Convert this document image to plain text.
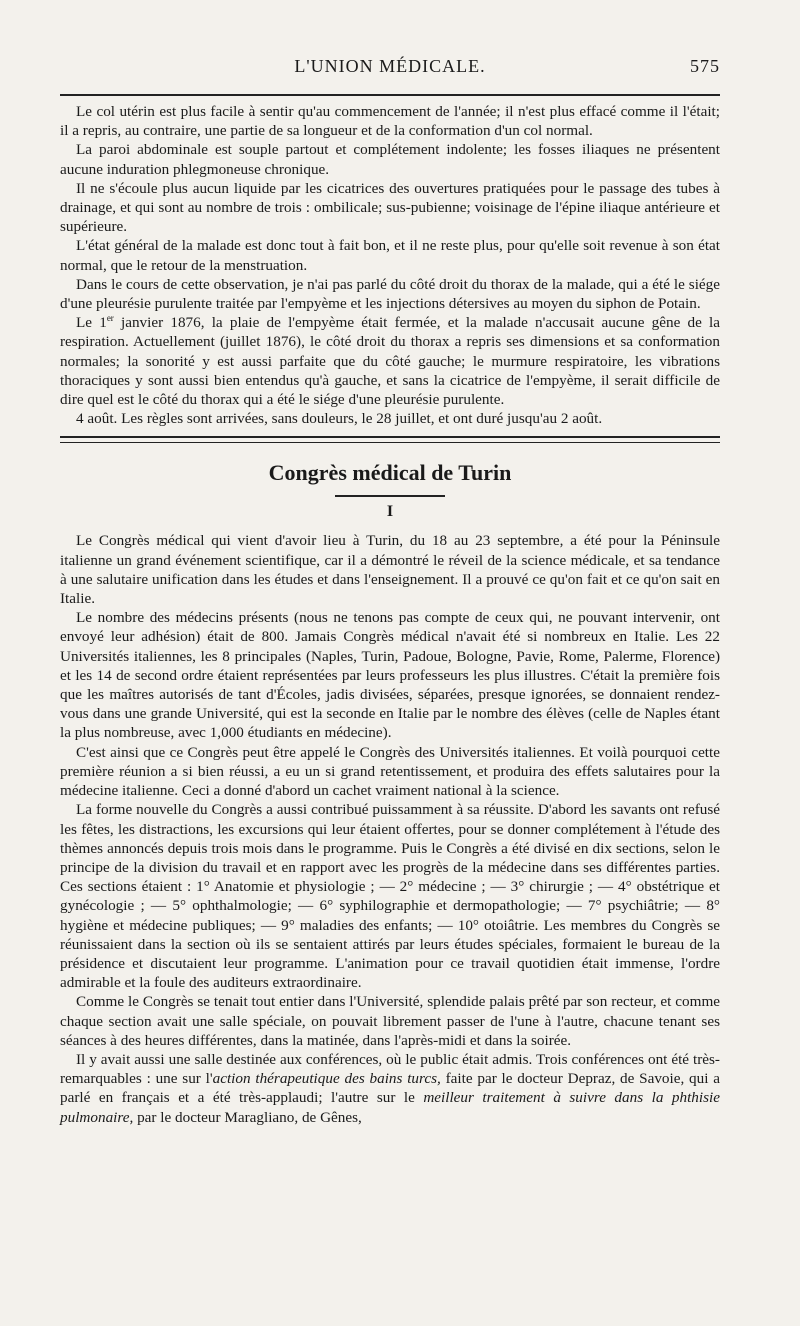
L'UNION MÉDICALE.	575

Le col utérin est plus facile à sentir qu'au commencement de l'année; il n'est plus effacé comme il l'était; il a repris, au contraire, une partie de sa longueur et de la conformation d'un col normal.

La paroi abdominale est souple partout et complétement indolente; les fosses iliaques ne présentent aucune induration phlegmoneuse chronique.

Il ne s'écoule plus aucun liquide par les cicatrices des ouvertures pratiquées pour le passage des tubes à drainage, et qui sont au nombre de trois : ombilicale; sus-pubienne; voisinage de l'épine iliaque antérieure et supérieure.

L'état général de la malade est donc tout à fait bon, et il ne reste plus, pour qu'elle soit revenue à son état normal, que le retour de la menstruation.

Dans le cours de cette observation, je n'ai pas parlé du côté droit du thorax de la malade, qui a été le siége d'une pleurésie purulente traitée par l'empyème et les injections détersives au moyen du siphon de Potain.

Le 1er janvier 1876, la plaie de l'empyème était fermée, et la malade n'accusait aucune gêne de la respiration. Actuellement (juillet 1876), le côté droit du thorax a repris ses dimensions et sa conformation normales; la sonorité y est aussi parfaite que du côté gauche; le murmure respiratoire, les vibrations thoraciques y sont aussi bien entendus qu'à gauche, et sans la cicatrice de l'empyème, il serait difficile de dire quel est le côté du thorax qui a été le siége d'une pleurésie purulente.

4 août. Les règles sont arrivées, sans douleurs, le 28 juillet, et ont duré jusqu'au 2 août.

Congrès médical de Turin
I

Le Congrès médical qui vient d'avoir lieu à Turin, du 18 au 23 septembre, a été pour la Péninsule italienne un grand événement scientifique, car il a démontré le réveil de la science médicale, et sa tendance à une salutaire unification dans les études et dans l'enseignement. Il a prouvé ce qu'on fait et ce qu'on sait en Italie.

Le nombre des médecins présents (nous ne tenons pas compte de ceux qui, ne pouvant intervenir, ont envoyé leur adhésion) était de 800. Jamais Congrès médical n'avait été si nombreux en Italie. Les 22 Universités italiennes, les 8 principales (Naples, Turin, Padoue, Bologne, Pavie, Rome, Palerme, Florence) et les 14 de second ordre étaient représentées par leurs professeurs les plus illustres. C'était la première fois que les maîtres autorisés de tant d'Écoles, jadis divisées, séparées, presque ignorées, se donnaient rendez-vous dans une grande Université, qui est la seconde en Italie par le nombre des élèves (celle de Naples étant la plus nombreuse, avec 1,000 étudiants en médecine).

C'est ainsi que ce Congrès peut être appelé le Congrès des Universités italiennes. Et voilà pourquoi cette première réunion a si bien réussi, a eu un si grand retentissement, et produira des effets salutaires pour la médecine italienne. Ceci a donné d'abord un cachet vraiment national à la science.

La forme nouvelle du Congrès a aussi contribué puissamment à sa réussite. D'abord les savants ont refusé les fêtes, les distractions, les excursions qui leur étaient offertes, pour se donner complétement à l'étude des thèmes annoncés depuis trois mois dans le programme. Puis le Congrès a été divisé en dix sections, selon le principe de la division du travail et en rapport avec les progrès de la médecine dans ses différentes parties. Ces sections étaient : 1° Anatomie et physiologie ; — 2° médecine ; — 3° chirurgie ; — 4° obstétrique et gynécologie ; — 5° ophthalmologie; — 6° syphilographie et dermopathologie; — 7° psychiâtrie; — 8° hygiène et médecine publiques; — 9° maladies des enfants; — 10° otoiâtrie. Les membres du Congrès se réunissaient dans la section où ils se sentaient attirés par leurs études spéciales, formaient le bureau de la présidence et discutaient leur programme. L'animation pour ce travail quotidien était immense, l'ordre admirable et la foule des auditeurs extraordinaire.

Comme le Congrès se tenait tout entier dans l'Université, splendide palais prêté par son recteur, et comme chaque section avait une salle spéciale, on pouvait librement passer de l'une à l'autre, chacune tenant ses séances à des heures différentes, dans la matinée, dans l'après-midi et dans la soirée.

Il y avait aussi une salle destinée aux conférences, où le public était admis. Trois conférences ont été très-remarquables : une sur l'action thérapeutique des bains turcs, faite par le docteur Depraz, de Savoie, qui a parlé en français et a été très-applaudi; l'autre sur le meilleur traitement à suivre dans la phthisie pulmonaire, par le docteur Maragliano, de Gênes,
